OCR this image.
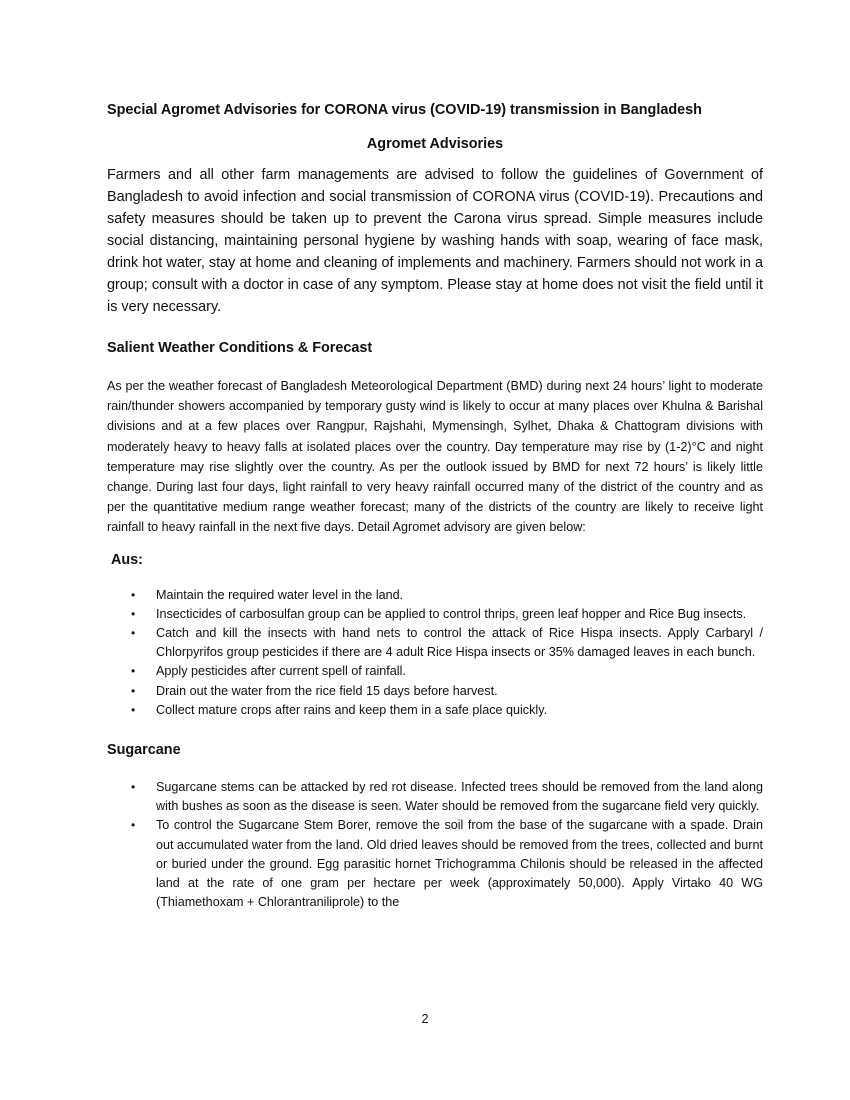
Special Agromet Advisories for CORONA virus (COVID-19) transmission in Bangladesh
Agromet Advisories

Farmers and all other farm managements are advised to follow the guidelines of Government of Bangladesh to avoid infection and social transmission of CORONA virus (COVID-19). Precautions and safety measures should be taken up to prevent the Carona virus spread. Simple measures include social distancing, maintaining personal hygiene by washing hands with soap, wearing of face mask, drink hot water, stay at home and cleaning of implements and machinery. Farmers should not work in a group; consult with a doctor in case of any symptom. Please stay at home does not visit the field until it is very necessary.

Salient Weather Conditions & Forecast

As per the weather forecast of Bangladesh Meteorological Department (BMD) during next 24 hours’ light to moderate rain/thunder showers accompanied by temporary gusty wind is likely to occur at many places over Khulna & Barishal divisions and at a few places over Rangpur, Rajshahi, Mymensingh, Sylhet, Dhaka & Chattogram divisions with moderately heavy to heavy falls at isolated places over the country. Day temperature may rise by (1-2)°C and night temperature may rise slightly over the country. As per the outlook issued by BMD for next 72 hours’ is likely little change. During last four days, light rainfall to very heavy rainfall occurred many of the district of the country and as per the quantitative medium range weather forecast; many of the districts of the country are likely to receive light rainfall to heavy rainfall in the next five days. Detail Agromet advisory are given below:

Aus:
• Maintain the required water level in the land.
• Insecticides of carbosulfan group can be applied to control thrips, green leaf hopper and Rice Bug insects.
• Catch and kill the insects with hand nets to control the attack of Rice Hispa insects. Apply Carbaryl / Chlorpyrifos group pesticides if there are 4 adult Rice Hispa insects or 35% damaged leaves in each bunch.
• Apply pesticides after current spell of rainfall.
• Drain out the water from the rice field 15 days before harvest.
• Collect mature crops after rains and keep them in a safe place quickly.
Sugarcane
• Sugarcane stems can be attacked by red rot disease. Infected trees should be removed from the land along with bushes as soon as the disease is seen. Water should be removed from the sugarcane field very quickly.
• To control the Sugarcane Stem Borer, remove the soil from the base of the sugarcane with a spade. Drain out accumulated water from the land. Old dried leaves should be removed from the trees, collected and burnt or buried under the ground. Egg parasitic hornet Trichogramma Chilonis should be released in the affected land at the rate of one gram per hectare per week (approximately 50,000). Apply Virtako 40 WG (Thiamethoxam + Chlorantraniliprole) to the
2
